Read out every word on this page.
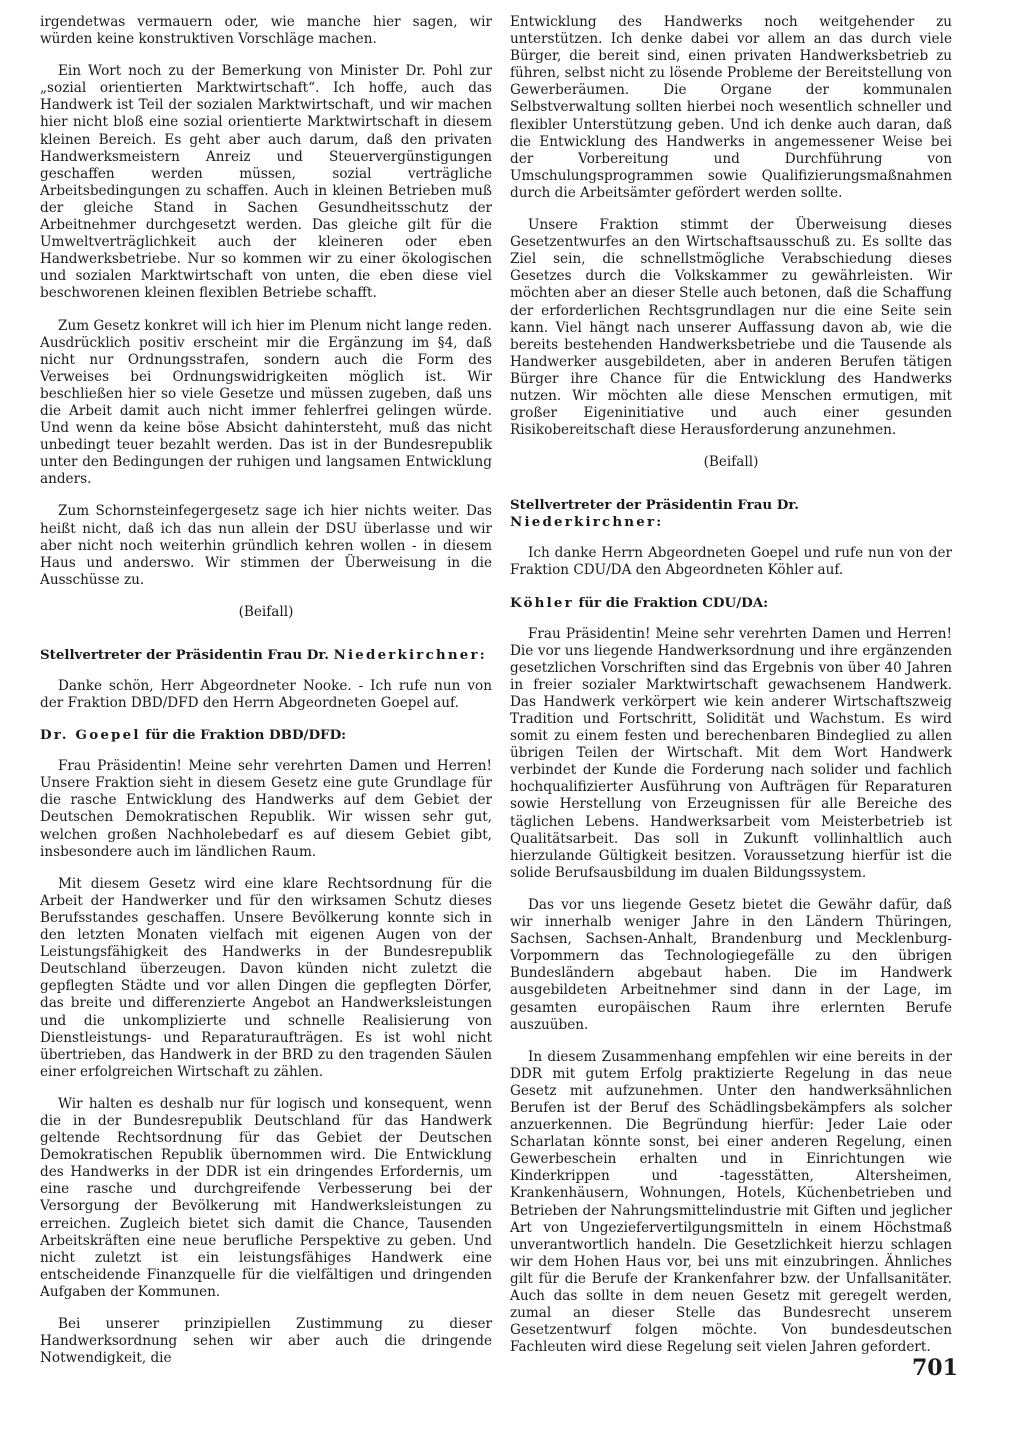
irgendetwas vermauern oder, wie manche hier sagen, wir würden keine konstruktiven Vorschläge machen.

Ein Wort noch zu der Bemerkung von Minister Dr. Pohl zur „sozial orientierten Marktwirtschaft“. Ich hoffe, auch das Handwerk ist Teil der sozialen Marktwirtschaft, und wir machen hier nicht bloß eine sozial orientierte Marktwirtschaft in diesem kleinen Bereich. Es geht aber auch darum, daß den privaten Handwerksmeistern Anreiz und Steuervergünstigungen geschaffen werden müssen, sozial verträgliche Arbeitsbedingungen zu schaffen. Auch in kleinen Betrieben muß der gleiche Stand in Sachen Gesundheitsschutz der Arbeitnehmer durchgesetzt werden. Das gleiche gilt für die Umweltverträglichkeit auch der kleineren oder eben Handwerksbetriebe. Nur so kommen wir zu einer ökologischen und sozialen Marktwirtschaft von unten, die eben diese viel beschworenen kleinen flexiblen Betriebe schafft.

Zum Gesetz konkret will ich hier im Plenum nicht lange reden. Ausdrücklich positiv erscheint mir die Ergänzung im §4, daß nicht nur Ordnungsstrafen, sondern auch die Form des Verweises bei Ordnungswidrigkeiten möglich ist. Wir beschließen hier so viele Gesetze und müssen zugeben, daß uns die Arbeit damit auch nicht immer fehlerfrei gelingen würde. Und wenn da keine böse Absicht dahintersteht, muß das nicht unbedingt teuer bezahlt werden. Das ist in der Bundesrepublik unter den Bedingungen der ruhigen und langsamen Entwicklung anders.

Zum Schornsteinfegergesetz sage ich hier nichts weiter. Das heißt nicht, daß ich das nun allein der DSU überlasse und wir aber nicht noch weiterhin gründlich kehren wollen - in diesem Haus und anderswo. Wir stimmen der Überweisung in die Ausschüsse zu.

(Beifall)
Stellvertreter der Präsidentin Frau Dr. Niederkirchner:

Danke schön, Herr Abgeordneter Nooke. - Ich rufe nun von der Fraktion DBD/DFD den Herrn Abgeordneten Goepel auf.

Dr. Goepel für die Fraktion DBD/DFD:

Frau Präsidentin! Meine sehr verehrten Damen und Herren! Unsere Fraktion sieht in diesem Gesetz eine gute Grundlage für die rasche Entwicklung des Handwerks auf dem Gebiet der Deutschen Demokratischen Republik. Wir wissen sehr gut, welchen großen Nachholebedarf es auf diesem Gebiet gibt, insbesondere auch im ländlichen Raum.

Mit diesem Gesetz wird eine klare Rechtsordnung für die Arbeit der Handwerker und für den wirksamen Schutz dieses Berufsstandes geschaffen. Unsere Bevölkerung konnte sich in den letzten Monaten vielfach mit eigenen Augen von der Leistungsfähigkeit des Handwerks in der Bundesrepublik Deutschland überzeugen. Davon künden nicht zuletzt die gepflegten Städte und vor allen Dingen die gepflegten Dörfer, das breite und differenzierte Angebot an Handwerksleistungen und die unkomplizierte und schnelle Realisierung von Dienstleistungs- und Reparaturaufträgen. Es ist wohl nicht übertrieben, das Handwerk in der BRD zu den tragenden Säulen einer erfolgreichen Wirtschaft zu zählen.

Wir halten es deshalb nur für logisch und konsequent, wenn die in der Bundesrepublik Deutschland für das Handwerk geltende Rechtsordnung für das Gebiet der Deutschen Demokratischen Republik übernommen wird. Die Entwicklung des Handwerks in der DDR ist ein dringendes Erfordernis, um eine rasche und durchgreifende Verbesserung bei der Versorgung der Bevölkerung mit Handwerksleistungen zu erreichen. Zugleich bietet sich damit die Chance, Tausenden Arbeitskräften eine neue berufliche Perspektive zu geben. Und nicht zuletzt ist ein leistungsfähiges Handwerk eine entscheidende Finanzquelle für die vielfältigen und dringenden Aufgaben der Kommunen.

Bei unserer prinzipiellen Zustimmung zu dieser Handwerksordnung sehen wir aber auch die dringende Notwendigkeit, die

Entwicklung des Handwerks noch weitgehender zu unterstützen. Ich denke dabei vor allem an das durch viele Bürger, die bereit sind, einen privaten Handwerksbetrieb zu führen, selbst nicht zu lösende Probleme der Bereitstellung von Gewerberäumen. Die Organe der kommunalen Selbstverwaltung sollten hierbei noch wesentlich schneller und flexibler Unterstützung geben. Und ich denke auch daran, daß die Entwicklung des Handwerks in angemessener Weise bei der Vorbereitung und Durchführung von Umschulungsprogrammen sowie Qualifizierungsmaßnahmen durch die Arbeitsämter gefördert werden sollte.

Unsere Fraktion stimmt der Überweisung dieses Gesetzentwurfes an den Wirtschaftsausschuß zu. Es sollte das Ziel sein, die schnellstmögliche Verabschiedung dieses Gesetzes durch die Volkskammer zu gewährleisten. Wir möchten aber an dieser Stelle auch betonen, daß die Schaffung der erforderlichen Rechtsgrundlagen nur die eine Seite sein kann. Viel hängt nach unserer Auffassung davon ab, wie die bereits bestehenden Handwerksbetriebe und die Tausende als Handwerker ausgebildeten, aber in anderen Berufen tätigen Bürger ihre Chance für die Entwicklung des Handwerks nutzen. Wir möchten alle diese Menschen ermutigen, mit großer Eigeninitiative und auch einer gesunden Risikobereitschaft diese Herausforderung anzunehmen.

(Beifall)
Stellvertreter der Präsidentin Frau Dr. Niederkirchner:

Ich danke Herrn Abgeordneten Goepel und rufe nun von der Fraktion CDU/DA den Abgeordneten Köhler auf.

Köhler für die Fraktion CDU/DA:

Frau Präsidentin! Meine sehr verehrten Damen und Herren! Die vor uns liegende Handwerksordnung und ihre ergänzenden gesetzlichen Vorschriften sind das Ergebnis von über 40 Jahren in freier sozialer Marktwirtschaft gewachsenem Handwerk. Das Handwerk verkörpert wie kein anderer Wirtschaftszweig Tradition und Fortschritt, Solidität und Wachstum. Es wird somit zu einem festen und berechenbaren Bindeglied zu allen übrigen Teilen der Wirtschaft. Mit dem Wort Handwerk verbindet der Kunde die Forderung nach solider und fachlich hochqualifizierter Ausführung von Aufträgen für Reparaturen sowie Herstellung von Erzeugnissen für alle Bereiche des täglichen Lebens. Handwerksarbeit vom Meisterbetrieb ist Qualitätsarbeit. Das soll in Zukunft vollinhaltlich auch hierzulande Gültigkeit besitzen. Voraussetzung hierfür ist die solide Berufsausbildung im dualen Bildungssystem.

Das vor uns liegende Gesetz bietet die Gewähr dafür, daß wir innerhalb weniger Jahre in den Ländern Thüringen, Sachsen, Sachsen-Anhalt, Brandenburg und Mecklenburg-Vorpommern das Technologiegefälle zu den übrigen Bundesländern abgebaut haben. Die im Handwerk ausgebildeten Arbeitnehmer sind dann in der Lage, im gesamten europäischen Raum ihre erlernten Berufe auszuüben.

In diesem Zusammenhang empfehlen wir eine bereits in der DDR mit gutem Erfolg praktizierte Regelung in das neue Gesetz mit aufzunehmen. Unter den handwerksähnlichen Berufen ist der Beruf des Schädlingsbekämpfers als solcher anzuerkennen. Die Begründung hierfür: Jeder Laie oder Scharlatan könnte sonst, bei einer anderen Regelung, einen Gewerbeschein erhalten und in Einrichtungen wie Kinderkrippen und -tagesstätten, Altersheimen, Krankenhäusern, Wohnungen, Hotels, Küchenbetrieben und Betrieben der Nahrungsmittelindustrie mit Giften und jeglicher Art von Ungeziefervertilgungsmitteln in einem Höchstmaß unverantwortlich handeln. Die Gesetzlichkeit hierzu schlagen wir dem Hohen Haus vor, bei uns mit einzubringen. Ähnliches gilt für die Berufe der Krankenfahrer bzw. der Unfallsanitäter. Auch das sollte in dem neuen Gesetz mit geregelt werden, zumal an dieser Stelle das Bundesrecht unserem Gesetzentwurf folgen möchte. Von bundesdeutschen Fachleuten wird diese Regelung seit vielen Jahren gefordert.

701
